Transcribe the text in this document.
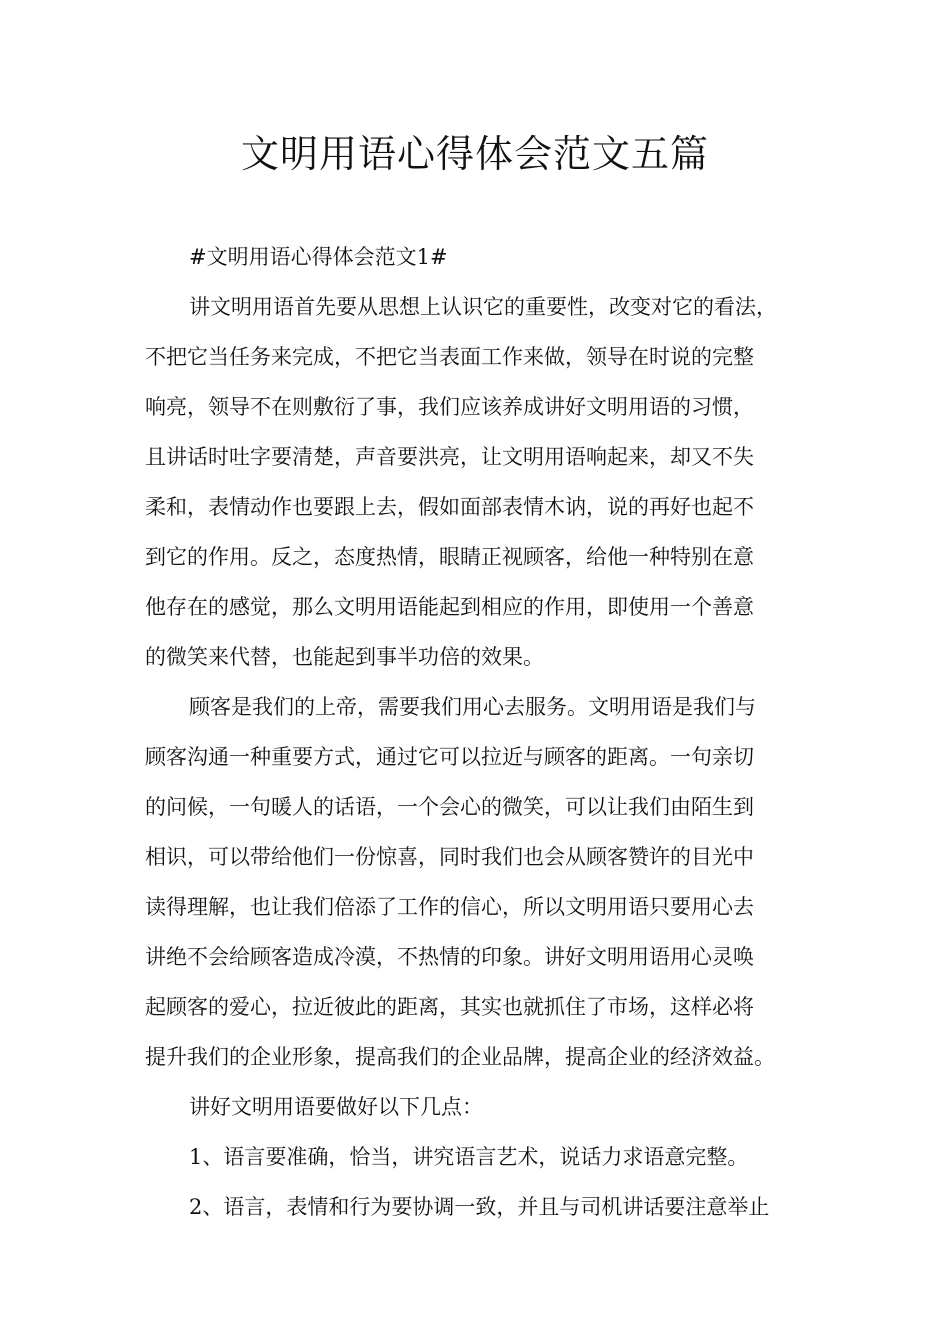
文明用语心得体会范文五篇
#文明用语心得体会范文1#
讲文明用语首先要从思想上认识它的重要性，改变对它的看法，
不把它当任务来完成，不把它当表面工作来做，领导在时说的完整
响亮，领导不在则敷衍了事，我们应该养成讲好文明用语的习惯，
且讲话时吐字要清楚，声音要洪亮，让文明用语响起来，却又不失
柔和，表情动作也要跟上去，假如面部表情木讷，说的再好也起不
到它的作用。反之，态度热情，眼睛正视顾客，给他一种特别在意
他存在的感觉，那么文明用语能起到相应的作用，即使用一个善意
的微笑来代替，也能起到事半功倍的效果。
顾客是我们的上帝，需要我们用心去服务。文明用语是我们与
顾客沟通一种重要方式，通过它可以拉近与顾客的距离。一句亲切
的问候，一句暖人的话语，一个会心的微笑，可以让我们由陌生到
相识，可以带给他们一份惊喜，同时我们也会从顾客赞许的目光中
读得理解，也让我们倍添了工作的信心，所以文明用语只要用心去
讲绝不会给顾客造成冷漠，不热情的印象。讲好文明用语用心灵唤
起顾客的爱心，拉近彼此的距离，其实也就抓住了市场，这样必将
提升我们的企业形象，提高我们的企业品牌，提高企业的经济效益。
讲好文明用语要做好以下几点：
1、语言要准确，恰当，讲究语言艺术，说话力求语意完整。
2、语言，表情和行为要协调一致，并且与司机讲话要注意举止
